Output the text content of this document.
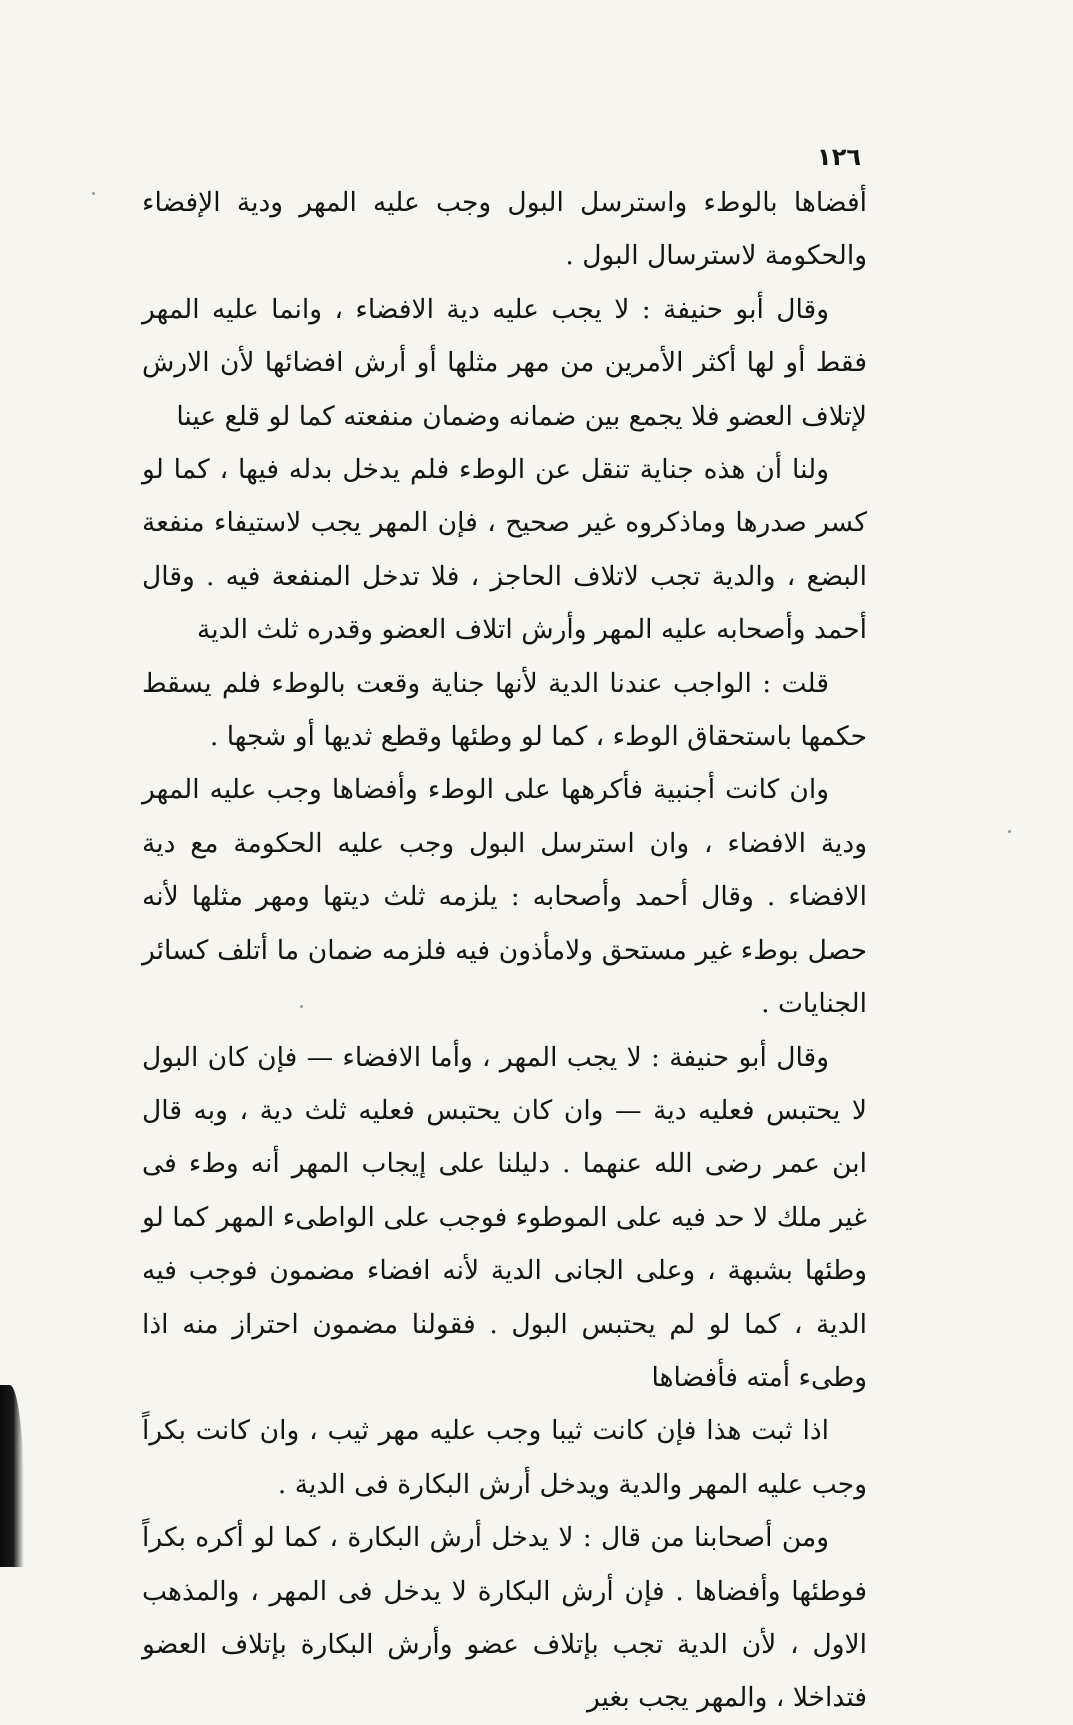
١٢٦

أفضاها بالوطء واسترسل البول وجب عليه المهر ودية الإفضاء والحكومة لاسترسال البول .

وقال أبو حنيفة : لا يجب عليه دية الافضاء ، وانما عليه المهر فقط أو لها أكثر الأمرين من مهر مثلها أو أرش افضائها لأن الارش لإتلاف العضو فلا يجمع بين ضمانه وضمان منفعته كما لو قلع عينا

ولنا أن هذه جناية تنقل عن الوطء فلم يدخل بدله فيها ، كما لو كسر صدرها وماذكروه غير صحيح ، فإن المهر يجب لاستيفاء منفعة البضع ، والدية تجب لاتلاف الحاجز ، فلا تدخل المنفعة فيه . وقال أحمد وأصحابه عليه المهر وأرش اتلاف العضو وقدره ثلث الدية

قلت : الواجب عندنا الدية لأنها جناية وقعت بالوطء فلم يسقط حكمها باستحقاق الوطء ، كما لو وطئها وقطع ثديها أو شجها .

وان كانت أجنبية فأكرهها على الوطء وأفضاها وجب عليه المهر ودية الافضاء ، وان استرسل البول وجب عليه الحكومة مع دية الافضاء . وقال أحمد وأصحابه : يلزمه ثلث ديتها ومهر مثلها لأنه حصل بوطء غير مستحق ولامأذون فيه فلزمه ضمان ما أتلف كسائر الجنايات .

وقال أبو حنيفة : لا يجب المهر ، وأما الافضاء — فإن كان البول لا يحتبس فعليه دية — وان كان يحتبس فعليه ثلث دية ، وبه قال ابن عمر رضى الله عنهما . دليلنا على إيجاب المهر أنه وطء فى غير ملك لا حد فيه على الموطوء فوجب على الواطىء المهر كما لو وطئها بشبهة ، وعلى الجانى الدية لأنه افضاء مضمون فوجب فيه الدية ، كما لو لم يحتبس البول . فقولنا مضمون احتراز منه اذا وطىء أمته فأفضاها

اذا ثبت هذا فإن كانت ثيبا وجب عليه مهر ثيب ، وان كانت بكراً وجب عليه المهر والدية ويدخل أرش البكارة فى الدية .

ومن أصحابنا من قال : لا يدخل أرش البكارة ، كما لو أكره بكراً فوطئها وأفضاها . فإن أرش البكارة لا يدخل فى المهر ، والمذهب الاول ، لأن الدية تجب بإتلاف عضو وأرش البكارة بإتلاف العضو فتداخلا ، والمهر يجب بغير
